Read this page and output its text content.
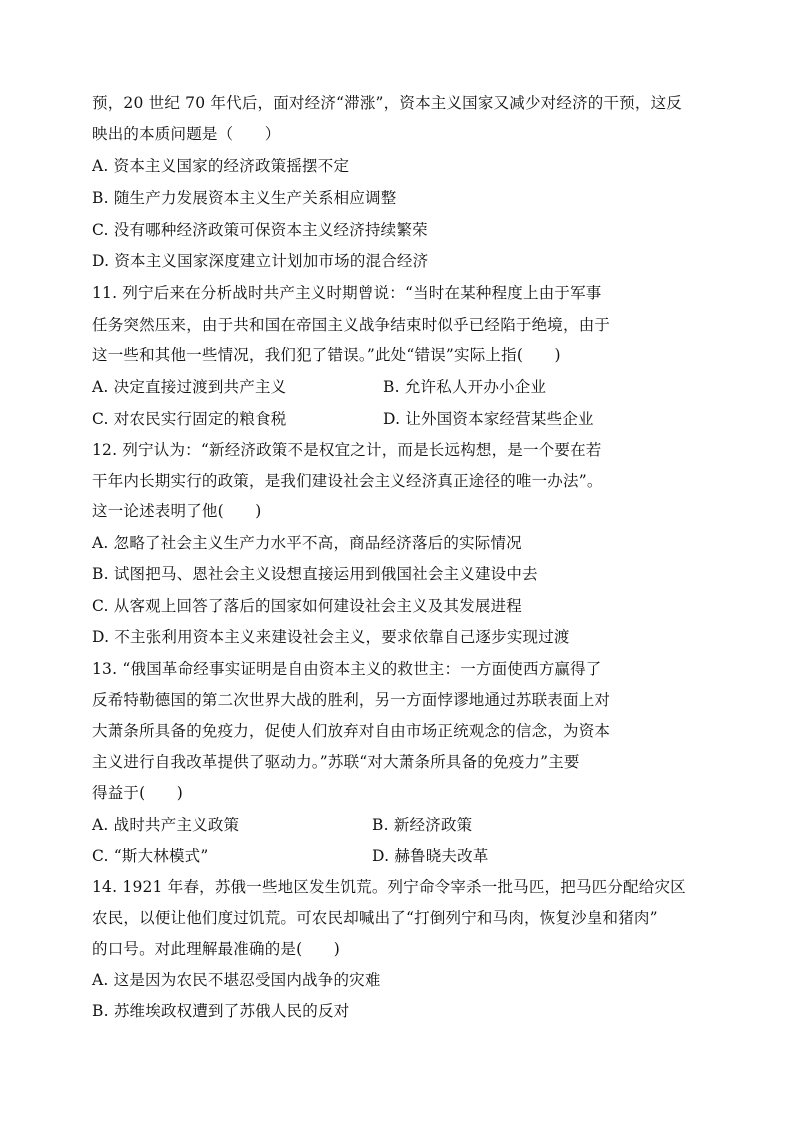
预，20 世纪 70 年代后，面对经济“滞涨”，资本主义国家又减少对经济的干预，这反
映出的本质问题是（　　）
A. 资本主义国家的经济政策摇摆不定
B. 随生产力发展资本主义生产关系相应调整
C. 没有哪种经济政策可保资本主义经济持续繁荣
D. 资本主义国家深度建立计划加市场的混合经济
11. 列宁后来在分析战时共产主义时期曾说：“当时在某种程度上由于军事
任务突然压来，由于共和国在帝国主义战争结束时似乎已经陷于绝境，由于
这一些和其他一些情况，我们犯了错误。”此处“错误”实际上指(　　)
A. 决定直接过渡到共产主义	B. 允许私人开办小企业
C. 对农民实行固定的粮食税	D. 让外国资本家经营某些企业
12. 列宁认为：“新经济政策不是权宜之计，而是长远构想，是一个要在若
干年内长期实行的政策，是我们建设社会主义经济真正途径的唯一办法”。
这一论述表明了他(　　)
A. 忽略了社会主义生产力水平不高，商品经济落后的实际情况
B. 试图把马、恩社会主义设想直接运用到俄国社会主义建设中去
C. 从客观上回答了落后的国家如何建设社会主义及其发展进程
D. 不主张利用资本主义来建设社会主义，要求依靠自己逐步实现过渡
13. “俄国革命经事实证明是自由资本主义的救世主：一方面使西方赢得了
反希特勒德国的第二次世界大战的胜利，另一方面悖谬地通过苏联表面上对
大萧条所具备的免疫力，促使人们放弃对自由市场正统观念的信念，为资本
主义进行自我改革提供了驱动力。”苏联“对大萧条所具备的免疫力”主要
得益于(　　)
A. 战时共产主义政策	B. 新经济政策
C. “斯大林模式”	D. 赫鲁晓夫改革
14. 1921 年春，苏俄一些地区发生饥荒。列宁命令宰杀一批马匹，把马匹分配给灾区
农民，以便让他们度过饥荒。可农民却喊出了“打倒列宁和马肉，恢复沙皇和猪肉”
的口号。对此理解最准确的是(　　)
A. 这是因为农民不堪忍受国内战争的灾难
B. 苏维埃政权遭到了苏俄人民的反对
